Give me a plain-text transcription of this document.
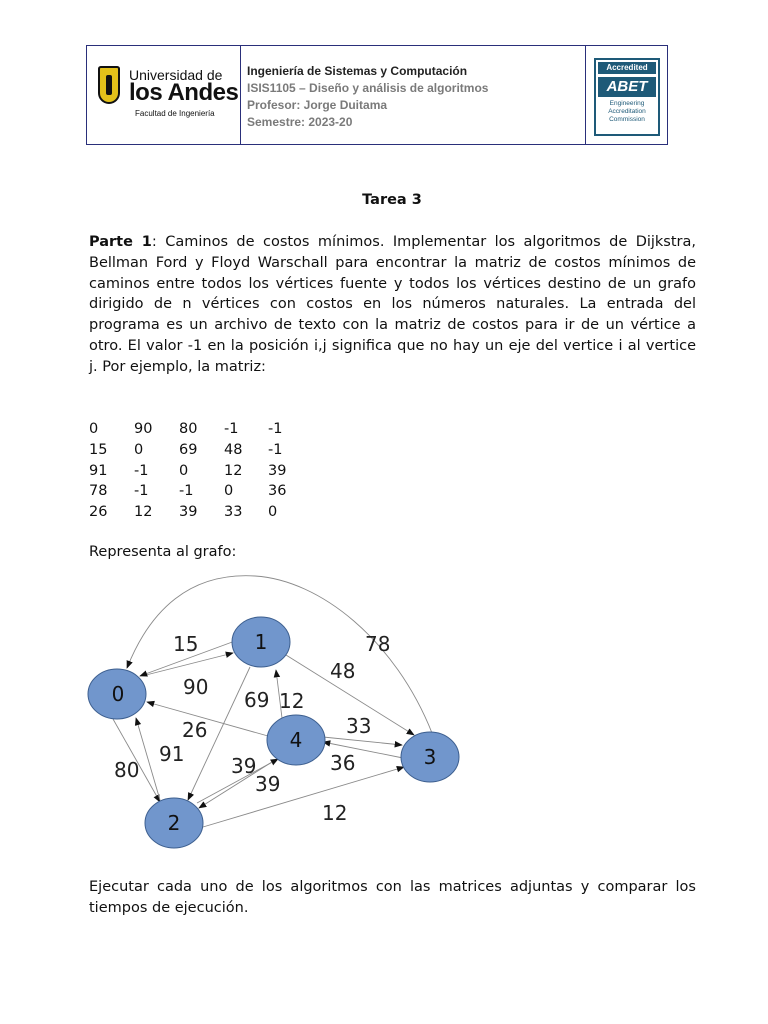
Universidad de
los Andes
Facultad de Ingeniería
Ingeniería de Sistemas y Computación
ISIS1105 – Diseño y análisis de algoritmos
Profesor: Jorge Duitama
Semestre: 2023-20
Accredited
ABET
Engineering
Accreditation
Commission
Tarea 3
Parte 1: Caminos de costos mínimos. Implementar los algoritmos de Dijkstra, Bellman Ford y Floyd Warschall para encontrar la matriz de costos mínimos de caminos entre todos los vértices fuente y todos los vértices destino de un grafo dirigido de n vértices con costos en los números naturales. La entrada del programa es un archivo de texto con la matriz de costos para ir de un vértice a otro. El valor -1 en la posición i,j significa que no hay un eje del vertice i al vertice j. Por ejemplo, la matriz:
0	90	80	-1	-1
15	0	69	48	-1
91	-1	0	12	39
78	-1	-1	0	36
26	12	39	33	0
Representa al grafo:
15
90
78
48
69 12
26	33
91 39
39
36
80
12
0
1
2
3
4
Ejecutar cada uno de los algoritmos con las matrices adjuntas y comparar los tiempos de ejecución.
